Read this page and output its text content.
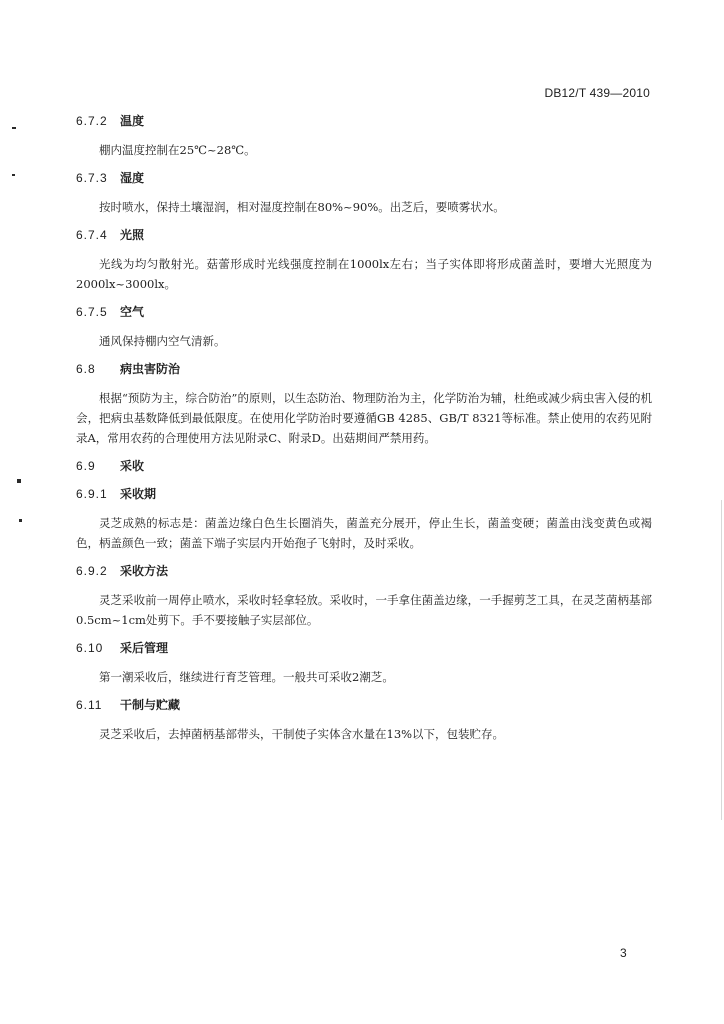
DB12/T 439—2010
6.7.2 温度

棚内温度控制在25℃~28℃。

6.7.3 湿度

按时喷水，保持土壤湿润，相对湿度控制在80%~90%。出芝后，要喷雾状水。

6.7.4 光照

光线为均匀散射光。菇蕾形成时光线强度控制在1000lx左右；当子实体即将形成菌盖时，要增大光照度为2000lx~3000lx。

6.7.5 空气

通风保持棚内空气清新。

6.8 病虫害防治

根据“预防为主，综合防治”的原则，以生态防治、物理防治为主，化学防治为辅，杜绝或减少病虫害入侵的机会，把病虫基数降低到最低限度。在使用化学防治时要遵循GB 4285、GB/T 8321等标准。禁止使用的农药见附录A，常用农药的合理使用方法见附录C、附录D。出菇期间严禁用药。

6.9 采收
6.9.1 采收期

灵芝成熟的标志是：菌盖边缘白色生长圈消失，菌盖充分展开，停止生长，菌盖变硬；菌盖由浅变黄色或褐色，柄盖颜色一致；菌盖下端子实层内开始孢子飞射时，及时采收。

6.9.2 采收方法

灵芝采收前一周停止喷水，采收时轻拿轻放。采收时，一手拿住菌盖边缘，一手握剪芝工具，在灵芝菌柄基部0.5cm~1cm处剪下。手不要接触子实层部位。

6.10 采后管理

第一潮采收后，继续进行育芝管理。一般共可采收2潮芝。

6.11 干制与贮藏

灵芝采收后，去掉菌柄基部带头，干制使子实体含水量在13%以下，包装贮存。

3
